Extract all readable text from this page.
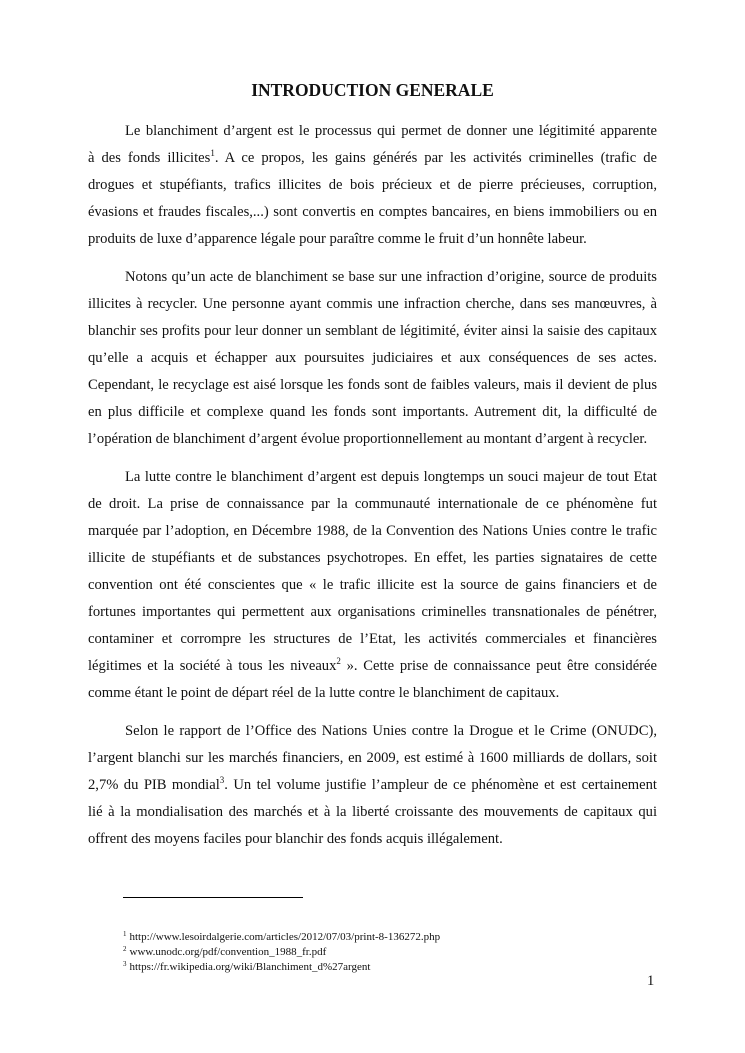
INTRODUCTION GENERALE
Le blanchiment d’argent est le processus qui permet de donner une légitimité apparente
à des fonds illicites$^1$. A ce propos, les gains générés par les activités criminelles (trafic de
drogues et stupéfiants, trafics illicites de bois précieux et de pierre précieuses, corruption,
évasions et fraudes fiscales,...) sont convertis en comptes bancaires, en biens immobiliers ou en
produits de luxe d’apparence légale pour paraître comme le fruit d’un honnête labeur.
Notons qu’un acte de blanchiment se base sur une infraction d’origine, source de produits
illicites à recycler. Une personne ayant commis une infraction cherche, dans ses manœuvres, à
blanchir ses profits pour leur donner un semblant de légitimité, éviter ainsi la saisie des capitaux
qu’elle a acquis et échapper aux poursuites judiciaires et aux conséquences de ses actes.
Cependant, le recyclage est aisé lorsque les fonds sont de faibles valeurs, mais il devient de plus
en plus difficile et complexe quand les fonds sont importants. Autrement dit, la difficulté de
l’opération de blanchiment d’argent évolue proportionnellement au montant d’argent à recycler.
La lutte contre le blanchiment d’argent est depuis longtemps un souci majeur de tout Etat
de droit. La prise de connaissance par la communauté internationale de ce phénomène fut
marquée par l’adoption, en Décembre 1988, de la Convention des Nations Unies contre le trafic
illicite de stupéfiants et de substances psychotropes. En effet, les parties signataires de cette
convention ont été conscientes que « le trafic illicite est la source de gains financiers et de
fortunes importantes qui permettent aux organisations criminelles transnationales de pénétrer,
contaminer et corrompre les structures de l’Etat, les activités commerciales et financières
légitimes et la société à tous les niveaux$^2$ ». Cette prise de connaissance peut être considérée
comme étant le point de départ réel de la lutte contre le blanchiment de capitaux.
Selon le rapport de l’Office des Nations Unies contre la Drogue et le Crime (ONUDC),
l’argent blanchi sur les marchés financiers, en 2009, est estimé à 1600 milliards de dollars, soit
2,7% du PIB mondial$^3$. Un tel volume justifie l’ampleur de ce phénomène et est certainement
lié à la mondialisation des marchés et à la liberté croissante des mouvements de capitaux qui
offrent des moyens faciles pour blanchir des fonds acquis illégalement.
$^1$ http://www.lesoirdalgerie.com/articles/2012/07/03/print-8-136272.php
$^2$ www.unodc.org/pdf/convention_1988_fr.pdf
$^3$ https://fr.wikipedia.org/wiki/Blanchiment_d%27argent
1
